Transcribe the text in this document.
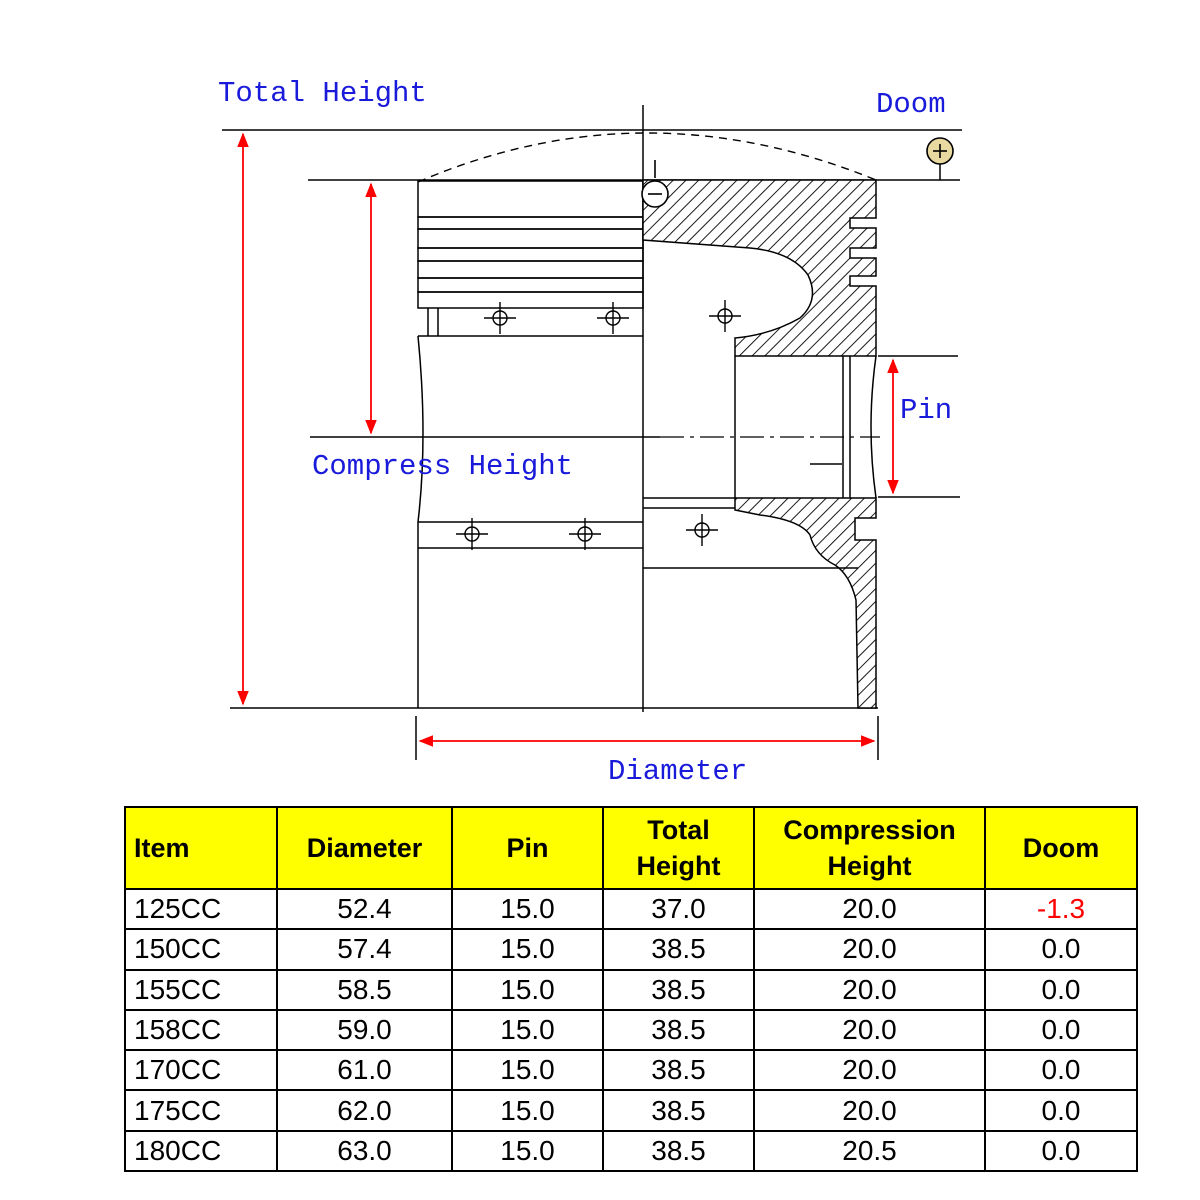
Total Height	Doom
Pin
Compress Height
Diameter
Item	Diameter	Pin	Total Height	Compression Height	Doom
125CC	52.4	15.0	37.0	20.0	-1.3
150CC	57.4	15.0	38.5	20.0	0.0
155CC	58.5	15.0	38.5	20.0	0.0
158CC	59.0	15.0	38.5	20.0	0.0
170CC	61.0	15.0	38.5	20.0	0.0
175CC	62.0	15.0	38.5	20.0	0.0
180CC	63.0	15.0	38.5	20.5	0.0
